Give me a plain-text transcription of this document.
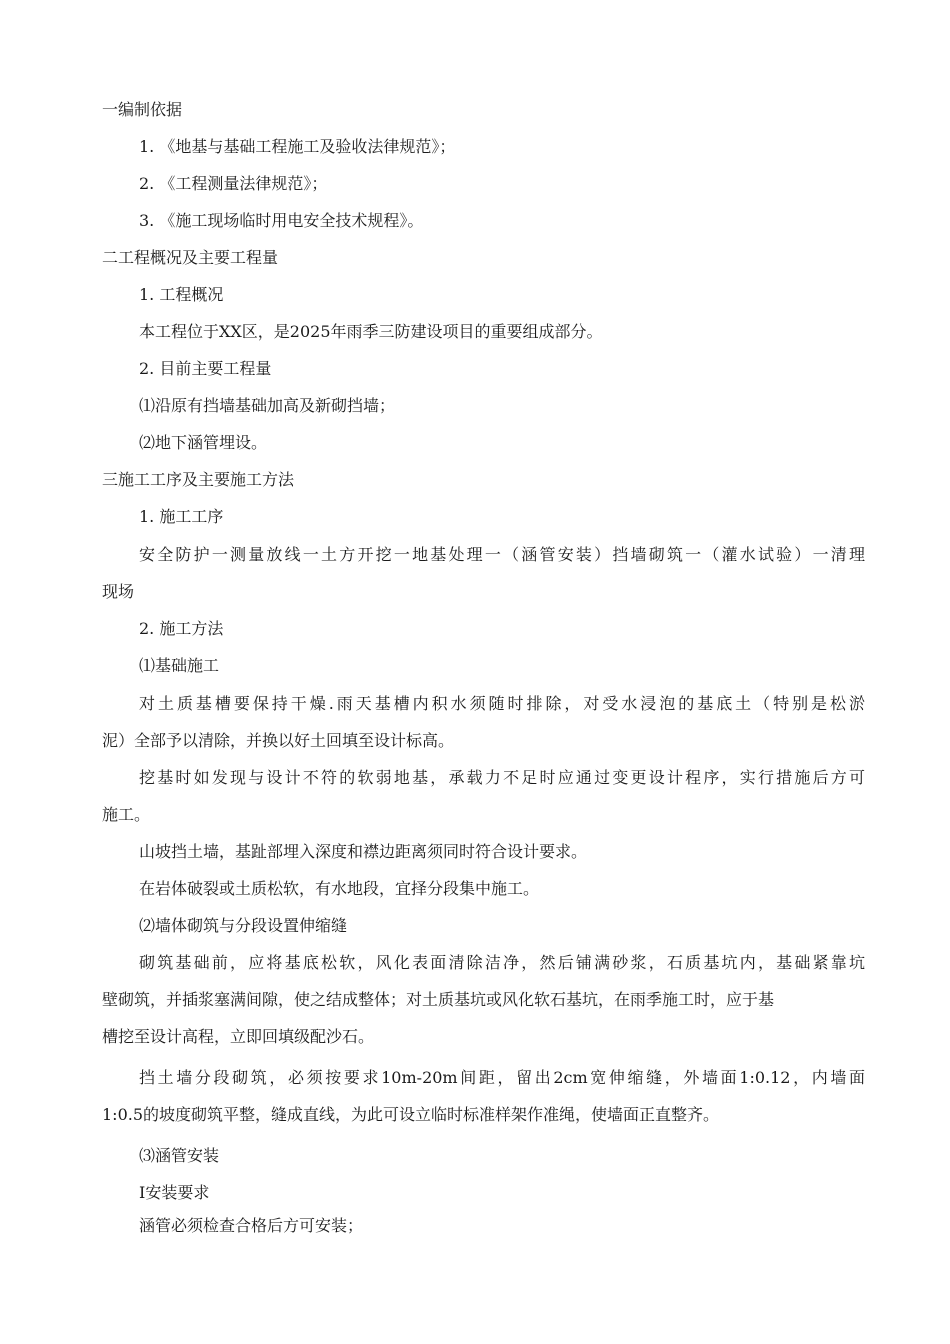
一编制依据
1. 《地基与基础工程施工及验收法律规范》；
2. 《工程测量法律规范》；
3. 《施工现场临时用电安全技术规程》。
二工程概况及主要工程量
1. 工程概况
本工程位于XX区，是2025年雨季三防建设项目的重要组成部分。
2. 目前主要工程量
⑴沿原有挡墙基础加高及新砌挡墙；
⑵地下涵管埋设。
三施工工序及主要施工方法
1. 施工工序
安全防护一测量放线一土方开挖一地基处理一（涵管安装）挡墙砌筑一（灌水试验）一清理
现场
2. 施工方法
⑴基础施工
对土质基槽要保持干燥.雨天基槽内积水须随时排除，对受水浸泡的基底土（特别是松淤
泥）全部予以清除，并换以好土回填至设计标高。
挖基时如发现与设计不符的软弱地基，承载力不足时应通过变更设计程序，实行措施后方可
施工。
山坡挡土墙，基趾部埋入深度和襟边距离须同时符合设计要求。
在岩体破裂或土质松软，有水地段，宜择分段集中施工。
⑵墙体砌筑与分段设置伸缩缝
砌筑基础前，应将基底松软，风化表面清除洁净，然后铺满砂浆，石质基坑内，基础紧靠坑
壁砌筑，并插浆塞满间隙，使之结成整体；对土质基坑或风化软石基坑，在雨季施工时，应于基
槽挖至设计高程，立即回填级配沙石。
挡土墙分段砌筑，必须按要求10m-20m间距，留出2cm宽伸缩缝，外墙面1:0.12，内墙面
1:0.5的坡度砌筑平整，缝成直线，为此可设立临时标准样架作准绳，使墙面正直整齐。
⑶涵管安装
Ⅰ安装要求
涵管必须检查合格后方可安装；
